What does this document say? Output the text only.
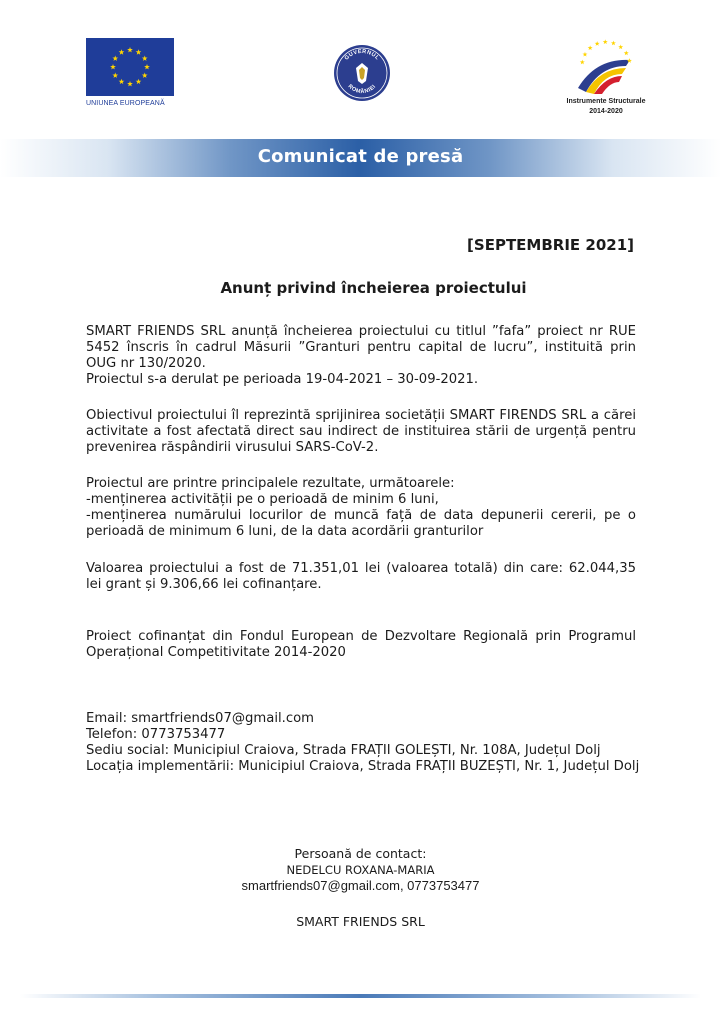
UNIUNEA EUROPEANĂ
GUVERNUL
ROMÂNIEI
Instrumente Structurale
2014-2020
Comunicat de presă
[SEPTEMBRIE 2021]
Anunț privind încheierea proiectului

SMART FRIENDS SRL anunță încheierea proiectului cu titlul ”fafa” proiect nr RUE 5452 înscris în cadrul Măsurii ”Granturi pentru capital de lucru”, instituită prin OUG nr 130/2020.

Proiectul s-a derulat pe perioada 19-04-2021 – 30-09-2021.

Obiectivul proiectului îl reprezintă sprijinirea societății SMART FIRENDS SRL a cărei activitate a fost afectată direct sau indirect de instituirea stării de urgență pentru prevenirea răspândirii virusului SARS-CoV-2.

Proiectul are printre principalele rezultate, următoarele:

-menținerea activității pe o perioadă de minim 6 luni,

-menținerea numărului locurilor de muncă față de data depunerii cererii, pe o perioadă de minimum 6 luni, de la data acordării granturilor

Valoarea proiectului a fost de 71.351,01 lei (valoarea totală) din care: 62.044,35 lei grant și 9.306,66 lei cofinanțare.

Proiect cofinanțat din Fondul European de Dezvoltare Regională prin Programul Operațional Competitivitate 2014-2020

Email: smartfriends07@gmail.com

Telefon: 0773753477

Sediu social: Municipiul Craiova, Strada FRAȚII GOLEȘTI, Nr. 108A, Județul Dolj

Locația implementării: Municipiul Craiova, Strada FRAȚII BUZEȘTI, Nr. 1, Județul Dolj

Persoană de contact:

NEDELCU ROXANA-MARIA

smartfriends07@gmail.com, 0773753477

SMART FRIENDS SRL
